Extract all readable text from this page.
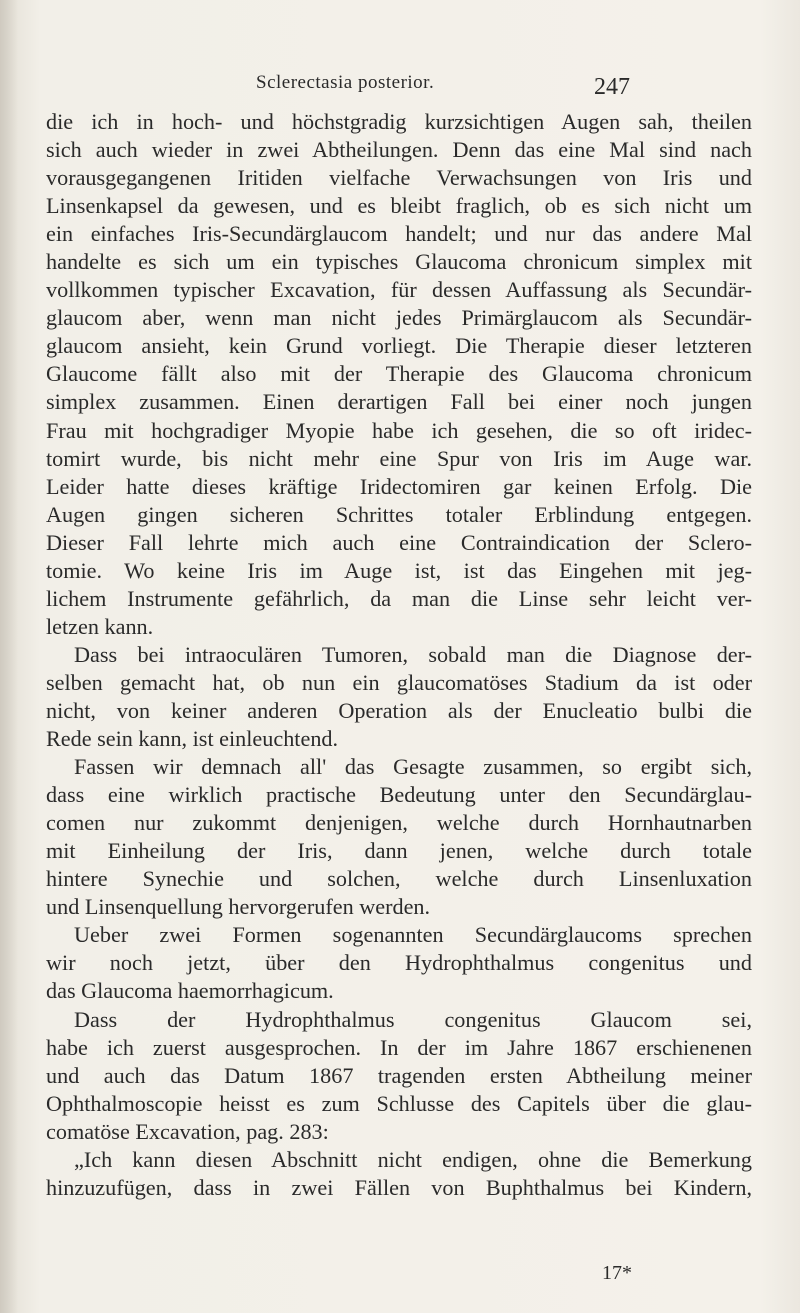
Sclerectasia posterior.	247
die ich in hoch- und höchstgradig kurzsichtigen Augen sah, theilen
sich auch wieder in zwei Abtheilungen. Denn das eine Mal sind nach
vorausgegangenen Iritiden vielfache Verwachsungen von Iris und
Linsenkapsel da gewesen, und es bleibt fraglich, ob es sich nicht um
ein einfaches Iris-Secundärglaucom handelt; und nur das andere Mal
handelte es sich um ein typisches Glaucoma chronicum simplex mit
vollkommen typischer Excavation, für dessen Auffassung als Secundär-
glaucom aber, wenn man nicht jedes Primärglaucom als Secundär-
glaucom ansieht, kein Grund vorliegt. Die Therapie dieser letzteren
Glaucome fällt also mit der Therapie des Glaucoma chronicum
simplex zusammen. Einen derartigen Fall bei einer noch jungen
Frau mit hochgradiger Myopie habe ich gesehen, die so oft iridec-
tomirt wurde, bis nicht mehr eine Spur von Iris im Auge war.
Leider hatte dieses kräftige Iridectomiren gar keinen Erfolg. Die
Augen gingen sicheren Schrittes totaler Erblindung entgegen.
Dieser Fall lehrte mich auch eine Contraindication der Sclero-
tomie. Wo keine Iris im Auge ist, ist das Eingehen mit jeg-
lichem Instrumente gefährlich, da man die Linse sehr leicht ver-
letzen kann.
Dass bei intraoculären Tumoren, sobald man die Diagnose der-
selben gemacht hat, ob nun ein glaucomatöses Stadium da ist oder
nicht, von keiner anderen Operation als der Enucleatio bulbi die
Rede sein kann, ist einleuchtend.
Fassen wir demnach all' das Gesagte zusammen, so ergibt sich,
dass eine wirklich practische Bedeutung unter den Secundärglau-
comen nur zukommt denjenigen, welche durch Hornhautnarben
mit Einheilung der Iris, dann jenen, welche durch totale
hintere Synechie und solchen, welche durch Linsenluxation
und Linsenquellung hervorgerufen werden.
Ueber zwei Formen sogenannten Secundärglaucoms sprechen
wir noch jetzt, über den Hydrophthalmus congenitus und
das Glaucoma haemorrhagicum.
Dass der Hydrophthalmus congenitus Glaucom sei,
habe ich zuerst ausgesprochen. In der im Jahre 1867 erschienenen
und auch das Datum 1867 tragenden ersten Abtheilung meiner
Ophthalmoscopie heisst es zum Schlusse des Capitels über die glau-
comatöse Excavation, pag. 283:
„Ich kann diesen Abschnitt nicht endigen, ohne die Bemerkung
hinzuzufügen, dass in zwei Fällen von Buphthalmus bei Kindern,
17*
